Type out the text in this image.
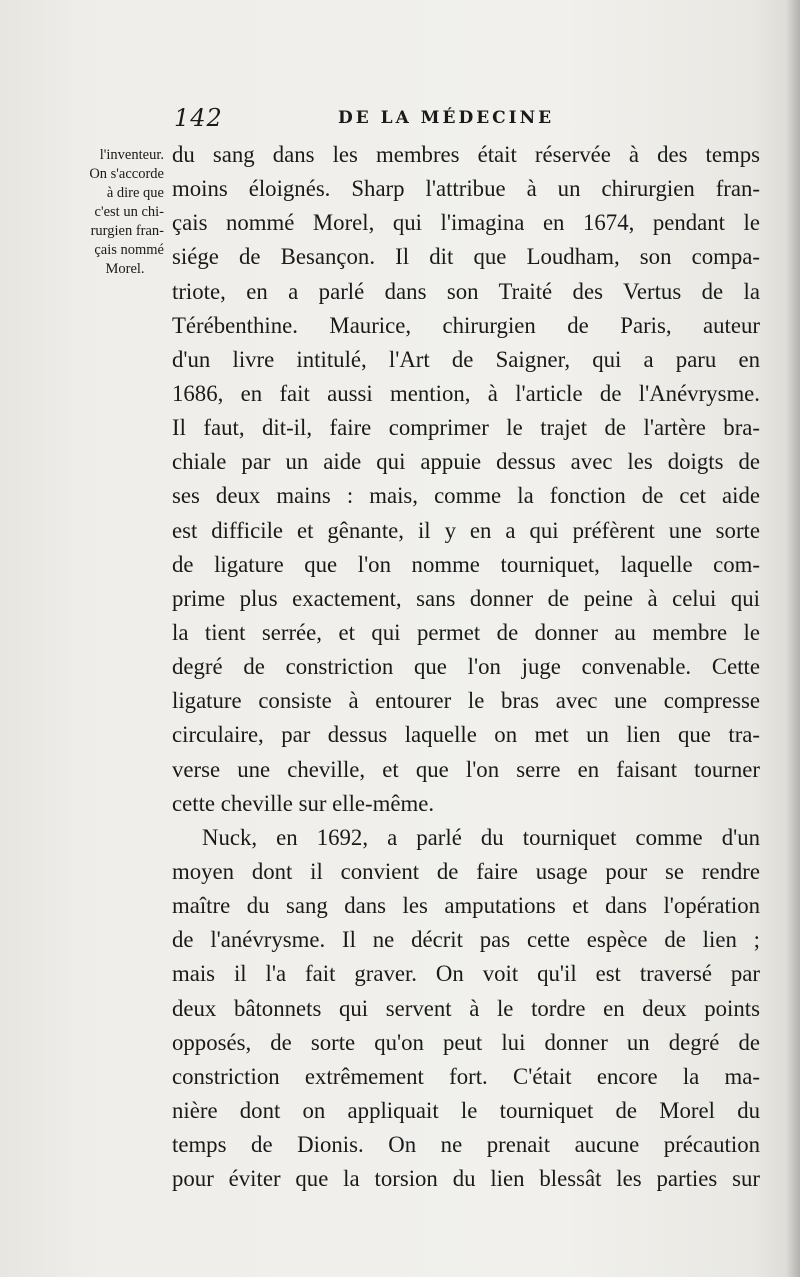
142	DE LA MÉDECINE
l'inventeur.
On s'accorde
à dire que
c'est un chi-
rurgien fran-
çais nommé
Morel.
du sang dans les membres était réservée à des temps
moins éloignés. Sharp l'attribue à un chirurgien fran-
çais nommé Morel, qui l'imagina en 1674, pendant le
siége de Besançon. Il dit que Loudham, son compa-
triote, en a parlé dans son Traité des Vertus de la
Térébenthine. Maurice, chirurgien de Paris, auteur
d'un livre intitulé, l'Art de Saigner, qui a paru en
1686, en fait aussi mention, à l'article de l'Anévrysme.
Il faut, dit-il, faire comprimer le trajet de l'artère bra-
chiale par un aide qui appuie dessus avec les doigts de
ses deux mains : mais, comme la fonction de cet aide
est difficile et gênante, il y en a qui préfèrent une sorte
de ligature que l'on nomme tourniquet, laquelle com-
prime plus exactement, sans donner de peine à celui qui
la tient serrée, et qui permet de donner au membre le
degré de constriction que l'on juge convenable. Cette
ligature consiste à entourer le bras avec une compresse
circulaire, par dessus laquelle on met un lien que tra-
verse une cheville, et que l'on serre en faisant tourner
cette cheville sur elle-même.
Nuck, en 1692, a parlé du tourniquet comme d'un
moyen dont il convient de faire usage pour se rendre
maître du sang dans les amputations et dans l'opération
de l'anévrysme. Il ne décrit pas cette espèce de lien ;
mais il l'a fait graver. On voit qu'il est traversé par
deux bâtonnets qui servent à le tordre en deux points
opposés, de sorte qu'on peut lui donner un degré de
constriction extrêmement fort. C'était encore la ma-
nière dont on appliquait le tourniquet de Morel du
temps de Dionis. On ne prenait aucune précaution
pour éviter que la torsion du lien blessât les parties sur
